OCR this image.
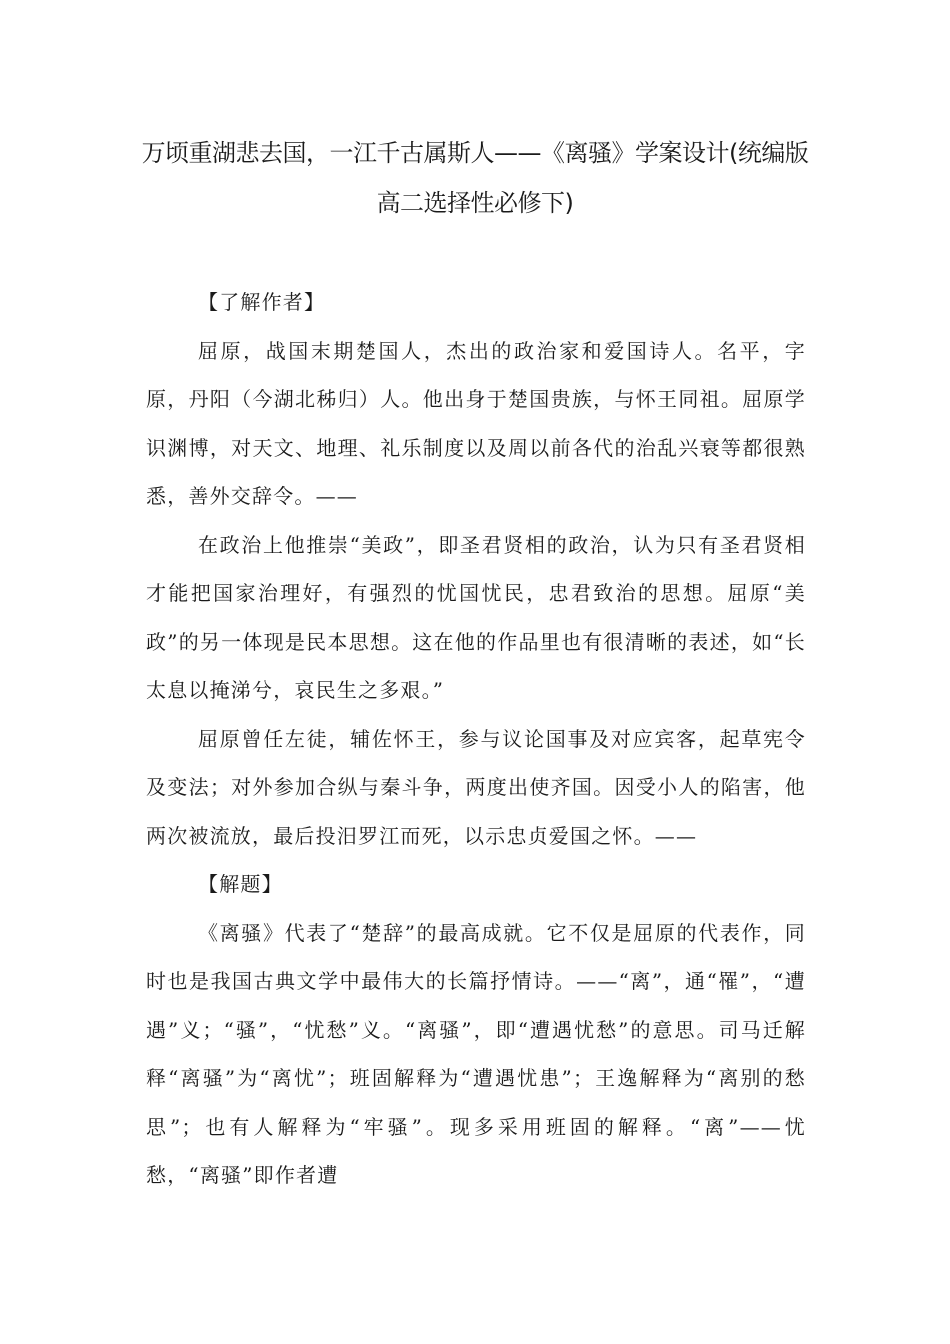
万顷重湖悲去国，一江千古属斯人——《离骚》学案设计(统编版高二选择性必修下)

【了解作者】

屈原，战国末期楚国人，杰出的政治家和爱国诗人。名平，字原，丹阳（今湖北秭归）人。他出身于楚国贵族，与怀王同祖。屈原学识渊博，对天文、地理、礼乐制度以及周以前各代的治乱兴衰等都很熟悉，善外交辞令。——

在政治上他推崇“美政”，即圣君贤相的政治，认为只有圣君贤相才能把国家治理好，有强烈的忧国忧民，忠君致治的思想。屈原“美政”的另一体现是民本思想。这在他的作品里也有很清晰的表述，如“长太息以掩涕兮，哀民生之多艰。”

屈原曾任左徒，辅佐怀王，参与议论国事及对应宾客，起草宪令及变法；对外参加合纵与秦斗争，两度出使齐国。因受小人的陷害，他两次被流放，最后投汨罗江而死，以示忠贞爱国之怀。——

【解题】

《离骚》代表了“楚辞”的最高成就。它不仅是屈原的代表作，同时也是我国古典文学中最伟大的长篇抒情诗。——“离”，通“罹”，“遭遇”义；“骚”，“忧愁”义。“离骚”，即“遭遇忧愁”的意思。司马迁解释“离骚”为“离忧”；班固解释为“遭遇忧患”；王逸解释为“离别的愁思”；也有人解释为“牢骚”。现多采用班固的解释。“离”——忧愁，“离骚”即作者遭
